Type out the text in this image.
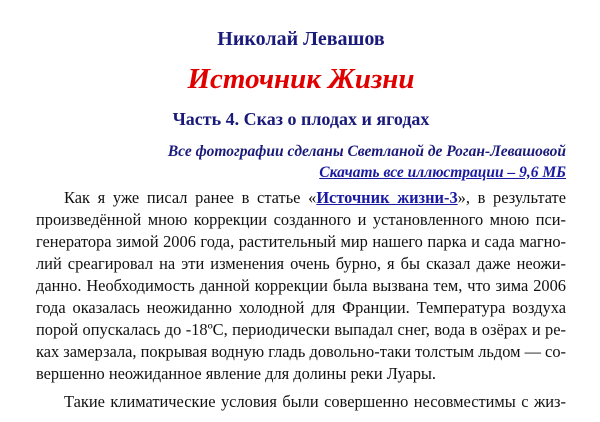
Николай Левашов

Источник Жизни
Часть 4. Сказ о плодах и ягодах

Все фотографии сделаны Светланой де Роган-Левашовой

Скачать все иллюстрации – 9,6 МБ

Как я уже писал ранее в статье «Источник жизни-3», в результате
произведённой мною коррекции созданного и установленного мною пси-
генератора зимой 2006 года, растительный мир нашего парка и сада магно-
лий среагировал на эти изменения очень бурно, я бы сказал даже неожи-
данно. Необходимость данной коррекции была вызвана тем, что зима 2006
года оказалась неожиданно холодной для Франции. Температура воздуха
порой опускалась до -18ºС, периодически выпадал снег, вода в озёрах и ре-
ках замерзала, покрывая водную гладь довольно-таки толстым льдом — со-
вершенно неожиданное явление для долины реки Луары.

Такие климатические условия были совершенно несовместимы с жиз-
